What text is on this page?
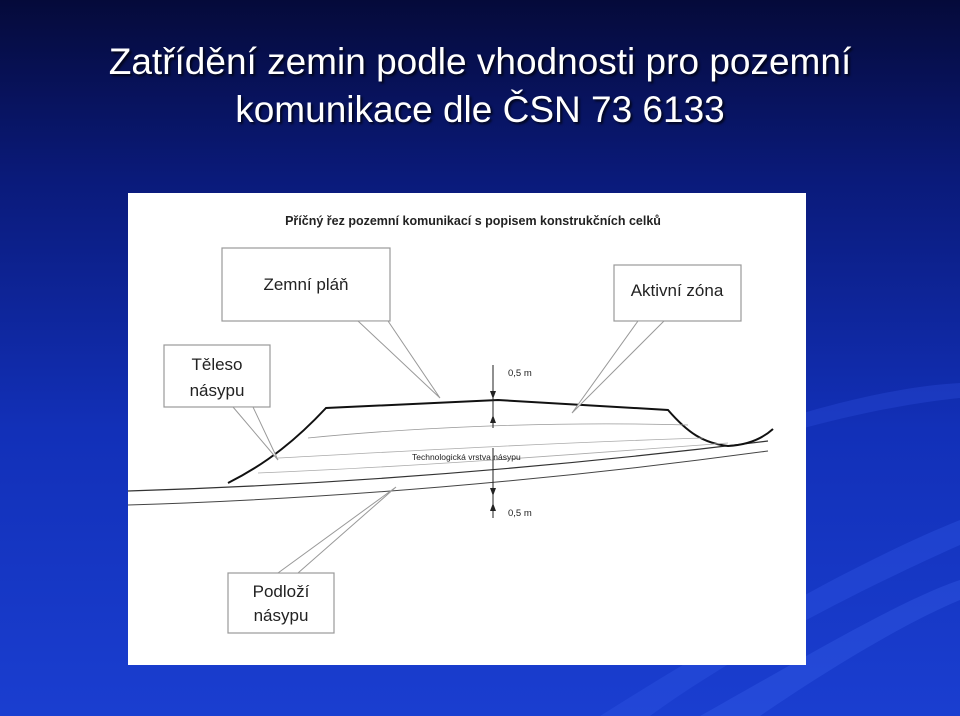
Zatřídění zemin podle vhodnosti pro pozemní
komunikace dle ČSN 73 6133
Příčný řez pozemní komunikací s popisem konstrukčních celků
0,5 m
0,5 m
Technologická vrstva násypu
Zemní pláň	Aktivní zóna
Těleso
násypu
Podloží
násypu
